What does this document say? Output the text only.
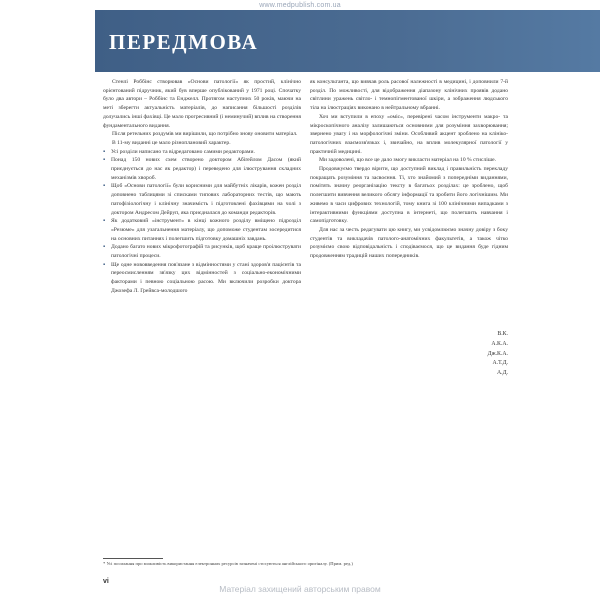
www.medpublish.com.ua
ПЕРЕДМОВА

Стенлі Роббінс створював «Основи патології» як простий, клінічно орієнтований підручник, який був вперше опублікований у 1971 році. Спочатку було два автори – Роббінс та Енджелл. Протягом наступних 50 років, маючи на меті зберегти актуальність матеріалів, до написання більшості розділів долучались інші фахівці. Це мало прогресивний (і неминучий) вплив на створення фундаментального видання.

Після ретельних роздумів ми вирішили, що потрібно знову оновити матеріал.

В 11-му виданні це мало різноплановий характер.

▪ Усі розділи написано та відредаговано самими редакторами.
▪ Понад 150 нових схем створено доктором Абіґейлом Дасом (який приєднується до нас як редактор) і переведено для ілюстрування складних механізмів хвороб.
▪ Щоб «Основи патології» були корисними для майбутніх лікарів, кожен розділ доповнено таблицями зі списками типових лабораторних тестів, що мають патофізіологічну і клінічну значимість і підготовлені фахівцями на чолі з доктором Андресом Дейруп, яка приєдналася до команди редакторів.
▪ Як додатковий «інструмент» в кінці кожного розділу вміщено підрозділ «Резюме» для узагальнення матеріалу, що допоможе студентам зосередитися на основних питаннях і полегшить підготовку домашніх завдань.
▪ Додано багато нових мікрофотографій та рисунків, щоб краще проілюструвати патологічні процеси.
▪ Ще одне нововведення пов'язане з відмінностями у стані здоров'я пацієнтів та переосмисленням зв'язку цих відмінностей з соціально-економічними факторами і певною соціальною расою. Ми включили розробки доктора Джозефа Л. Грейвса-молодшого

як консультанта, що вивчав роль расової належності в медицині, і доповнили 7-й розділ. По можливості, для відображення діапазону клінічних проявів додано світлини уражень світло- і темнопігментованої шкіри, а зображення людського тіла на ілюстраціях виконано в нейтральному вбранні.

Хоч ми вступили в епоху «оміс», перевірені часом інструменти макро- та мікроскопічного аналізу залишаються основними для розуміння захворювання; звернено увагу і на морфологічні зміни. Особливий акцент зроблено на клініко-патологічних взаємозв'язках і, звичайно, на вплив молекулярної патології у практичній медицині.

Ми задоволені, що все це дало змогу викласти матеріал на 10 % стисліше.

Продовжуємо твердо вірити, що доступний виклад і правильність перекладу покращать розуміння та засвоєння. Ті, хто знайомий з попередніми виданнями, помітять значну реорганізацію тексту в багатьох розділах: це зроблено, щоб полегшити вивчення великого обсягу інформації та зробити його логічнішим. Ми живемо в часи цифрових технологій, тому книга зі 100 клінічними випадками з інтерактивними функціями доступна в інтернеті, що полегшить навчання і самопідготовку.

Для нас за честь редагувати цю книгу, ми усвідомлюємо значну довіру з боку студентів та викладачів патолого-анатомічних факультетів, а також чітко розуміємо свою відповідальність і сподіваємося, що це видання буде гідним продовженням традицій наших попередників.

В.К.
А.К.А.
Дж.К.А.
А.Т.Д.
А.Д.
* Усі посилання про можливість використання електронних ресурсів зазначені стосуються англійського оригіналу. (Прим. ред.)
vi
Матеріал захищений авторським правом
